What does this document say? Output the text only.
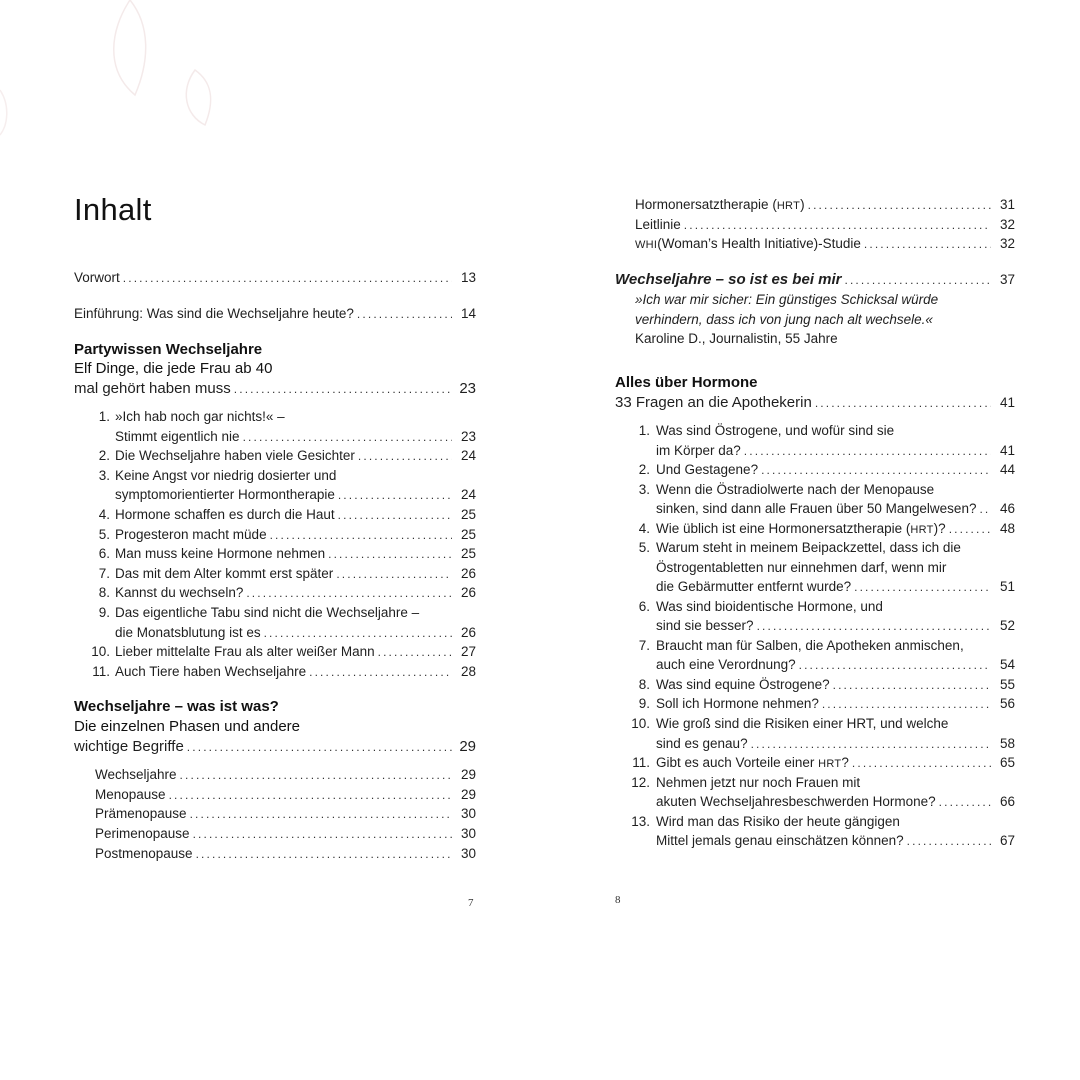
Inhalt
Vorwort . . .	13
Einführung: Was sind die Wechseljahre heute? . . .	14
Partywissen Wechseljahre
Elf Dinge, die jede Frau ab 40
mal gehört haben muss . . .	23
1. »Ich hab noch gar nichts!« –
Stimmt eigentlich nie . . .	23
2. Die Wechseljahre haben viele Gesichter . . .	24
3. Keine Angst vor niedrig dosierter und
symptomorientierter Hormontherapie . . .	24
4. Hormone schaffen es durch die Haut . . .	25
5. Progesteron macht müde . . .	25
6. Man muss keine Hormone nehmen . . .	25
7. Das mit dem Alter kommt erst später . . .	26
8. Kannst du wechseln? . . .	26
9. Das eigentliche Tabu sind nicht die Wechseljahre –
die Monatsblutung ist es . . .	26
10. Lieber mittelalte Frau als alter weißer Mann . . .	27
11. Auch Tiere haben Wechseljahre . . .	28
Wechseljahre – was ist was?
Die einzelnen Phasen und andere
wichtige Begriffe . . .	29
Wechseljahre . . .	29
Menopause . . .	29
Prämenopause . . .	30
Perimenopause . . .	30
Postmenopause . . .	30
7
Hormonersatztherapie (HRT) . . .	31
Leitlinie . . .	32
WHI(Woman’s Health Initiative)-Studie . . .	32
Wechseljahre – so ist es bei mir . . .	37
»Ich war mir sicher: Ein günstiges Schicksal würde
verhindern, dass ich von jung nach alt wechsele.«
Karoline D., Journalistin, 55 Jahre
Alles über Hormone
33 Fragen an die Apothekerin . . .	41
1. Was sind Östrogene, und wofür sind sie
im Körper da? . . .	41
2. Und Gestagene? . . .	44
3. Wenn die Östradiolwerte nach der Menopause
sinken, sind dann alle Frauen über 50 Mangelwesen? . . . 46
4. Wie üblich ist eine Hormonersatztherapie (HRT)? . . .	48
5. Warum steht in meinem Beipackzettel, dass ich die
Östrogentabletten nur einnehmen darf, wenn mir
die Gebärmutter entfernt wurde? . . .	51
6. Was sind bioidentische Hormone, und
sind sie besser? . . .	52
7. Braucht man für Salben, die Apotheken anmischen,
auch eine Verordnung? . . .	54
8. Was sind equine Östrogene? . . .	55
9. Soll ich Hormone nehmen? . . .	56
10. Wie groß sind die Risiken einer HRT, und welche
sind es genau? . . .	58
11. Gibt es auch Vorteile einer HRT? . . .	65
12. Nehmen jetzt nur noch Frauen mit
akuten Wechseljahresbeschwerden Hormone? . . .	66
13. Wird man das Risiko der heute gängigen
Mittel jemals genau einschätzen können? . . .	67
8
